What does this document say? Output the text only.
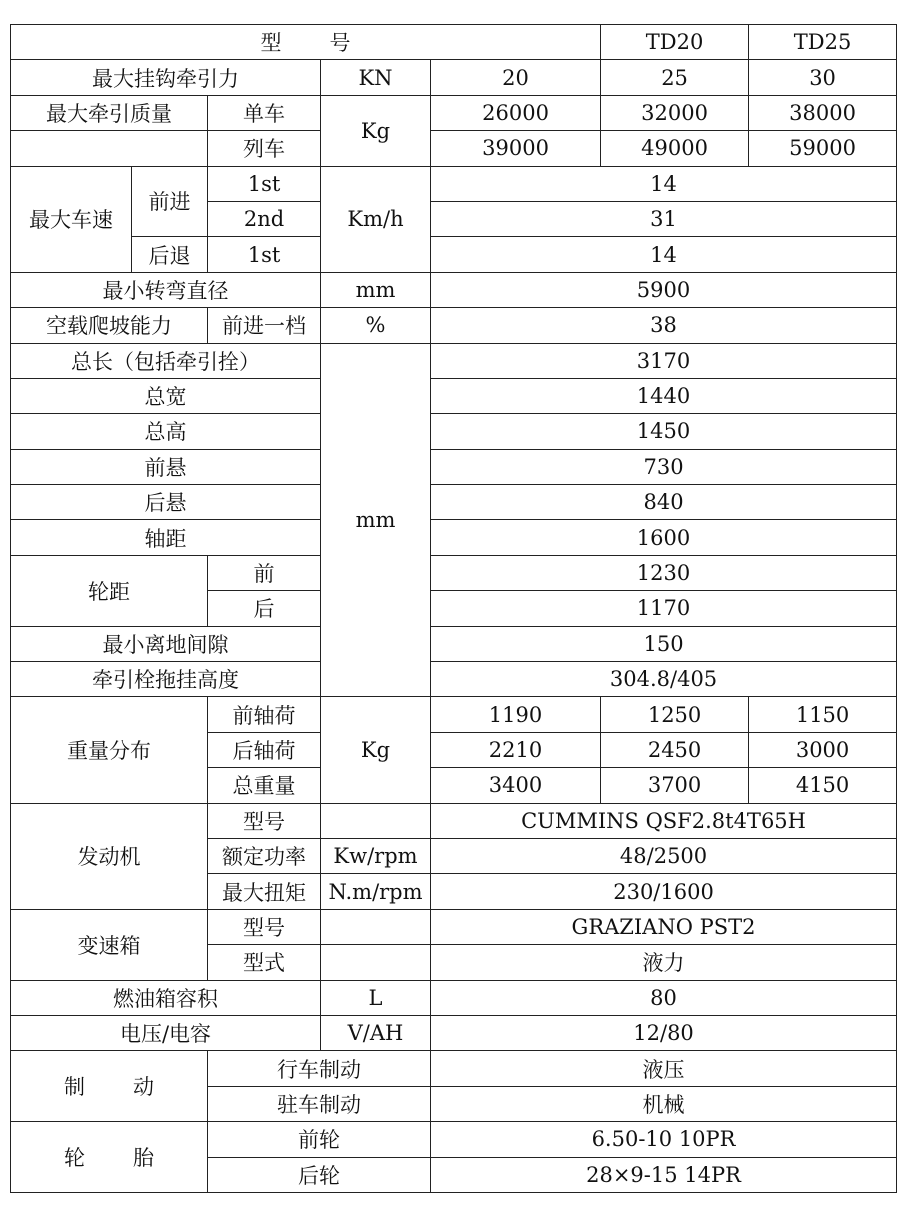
型 号					TD20	TD25	
最大挂钩牵引力			KN	20	25	30	
最大牵引质量		单车	Kg	26000	32000	38000	
		列车		39000	49000	59000	
最大车速	前进	1st	Km/h	14			
		2nd		31			
	后退	1st		14			
最小转弯直径			mm	5900			
空载爬坡能力		前进一档	%	38			
总长（包括牵引拴）			mm	3170			
总宽				1440			
总高				1450			
前悬				730			
后悬				840			
轴距				1600			
轮距		前		1230			
		后		1170			
最小离地间隙				150			
牵引栓拖挂高度				304.8/405			
重量分布		前轴荷	Kg	1190	1250	1150	
		后轴荷		2210	2450	3000	
		总重量		3400	3700	4150	
发动机		型号		CUMMINS QSF2.8t4T65H			
		额定功率	Kw/rpm	48/2500			
		最大扭矩	N.m/rpm	230/1600			
变速箱		型号		GRAZIANO PST2			
		型式		液力			
燃油箱容积			L	80			
电压/电容			V/AH	12/80			
制 动		行车制动		液压			
		驻车制动		机械			
轮 胎		前轮		6.50-10 10PR			
		后轮		28×9-15 14PR			
